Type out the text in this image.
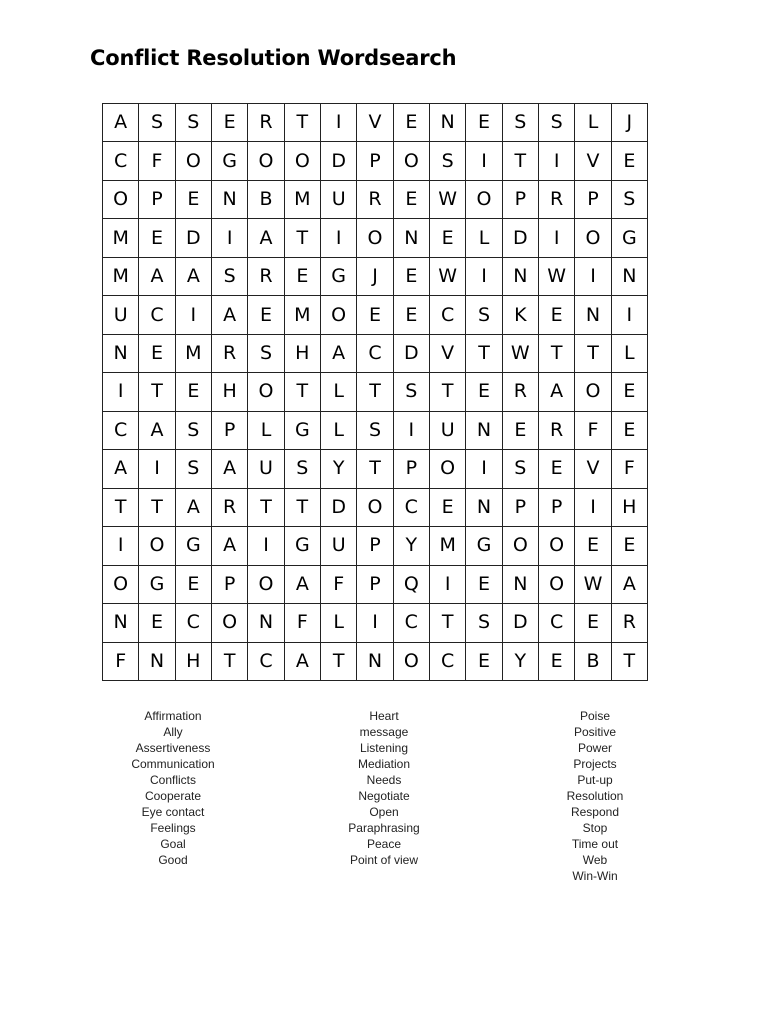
Conflict Resolution Wordsearch
A	S	S	E	R	T	I	V	E	N	E	S	S	L	J
C	F	O	G	O	O	D	P	O	S	I	T	I	V	E
O	P	E	N	B	M	U	R	E	W	O	P	R	P	S
M	E	D	I	A	T	I	O	N	E	L	D	I	O	G
M	A	A	S	R	E	G	J	E	W	I	N	W	I	N
U	C	I	A	E	M	O	E	E	C	S	K	E	N	I
N	E	M	R	S	H	A	C	D	V	T	W	T	T	L
I	T	E	H	O	T	L	T	S	T	E	R	A	O	E
C	A	S	P	L	G	L	S	I	U	N	E	R	F	E
A	I	S	A	U	S	Y	T	P	O	I	S	E	V	F
T	T	A	R	T	T	D	O	C	E	N	P	P	I	H
I	O	G	A	I	G	U	P	Y	M	G	O	O	E	E
O	G	E	P	O	A	F	P	Q	I	E	N	O	W	A
N	E	C	O	N	F	L	I	C	T	S	D	C	E	R
F	N	H	T	C	A	T	N	O	C	E	Y	E	B	T
Affirmation
Ally
Assertiveness
Communication
Conflicts
Cooperate
Eye contact
Feelings
Goal
Good
Heart
message
Listening
Mediation
Needs
Negotiate
Open
Paraphrasing
Peace
Point of view
Poise
Positive
Power
Projects
Put-up
Resolution
Respond
Stop
Time out
Web
Win-Win
